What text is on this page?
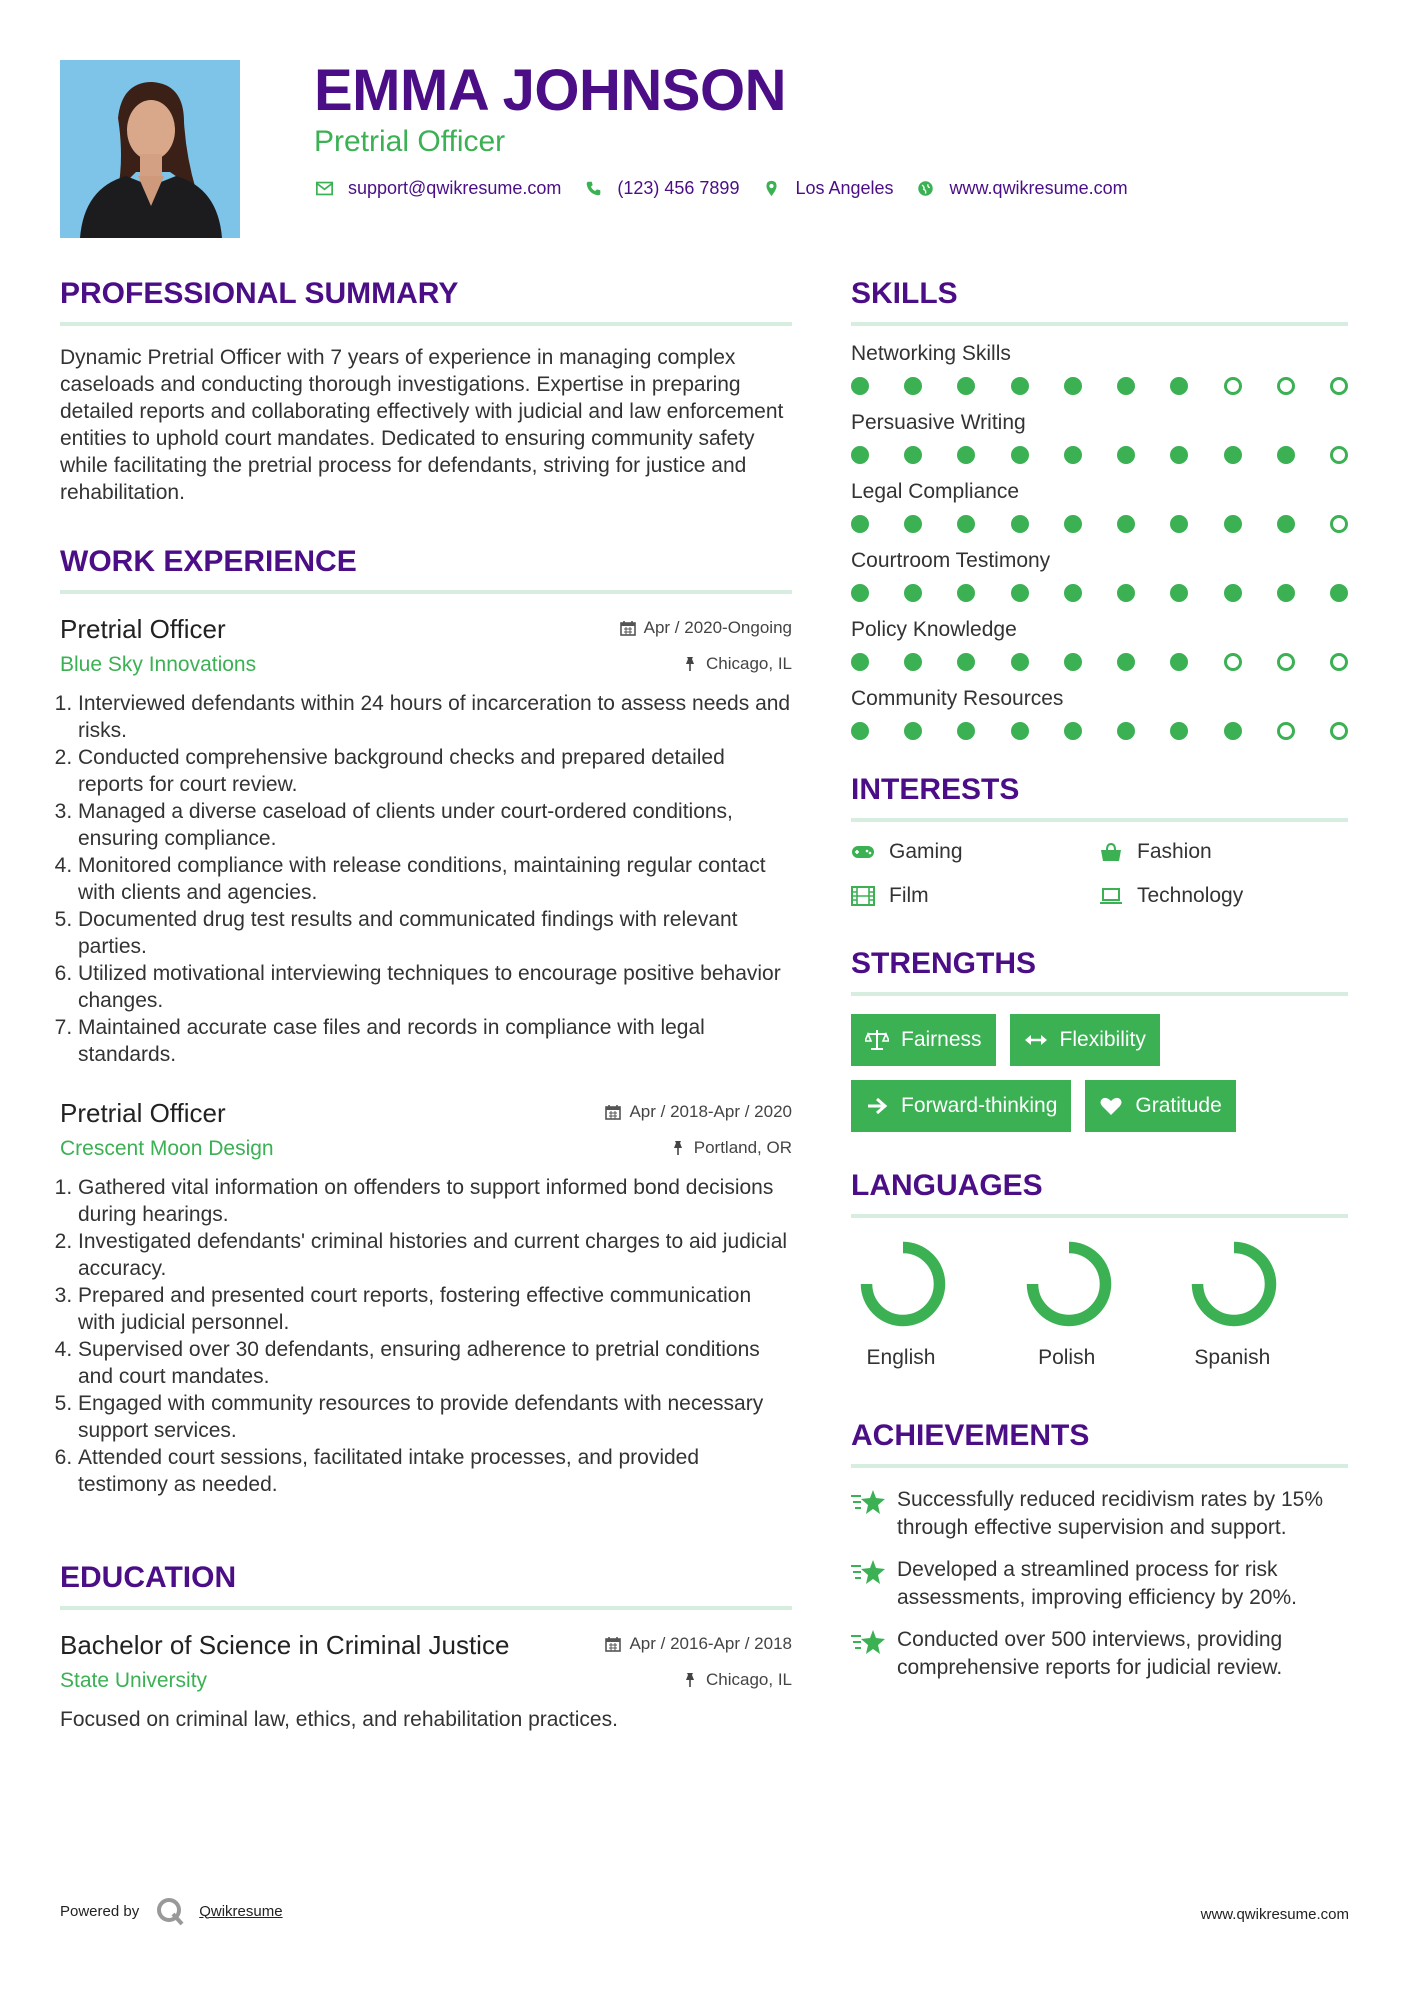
EMMA JOHNSON
Pretrial Officer
support@qwikresume.com	(123) 456 7899	Los Angeles	www.qwikresume.com
PROFESSIONAL SUMMARY

Dynamic Pretrial Officer with 7 years of experience in managing complex caseloads and conducting thorough investigations. Expertise in preparing detailed reports and collaborating effectively with judicial and law enforcement entities to uphold court mandates. Dedicated to ensuring community safety while facilitating the pretrial process for defendants, striving for justice and rehabilitation.

WORK EXPERIENCE
Pretrial Officer
Blue Sky Innovations
Apr / 2020-Ongoing
Chicago, IL
1. Interviewed defendants within 24 hours of incarceration to assess needs and risks.
2. Conducted comprehensive background checks and prepared detailed reports for court review.
3. Managed a diverse caseload of clients under court-ordered conditions, ensuring compliance.
4. Monitored compliance with release conditions, maintaining regular contact with clients and agencies.
5. Documented drug test results and communicated findings with relevant parties.
6. Utilized motivational interviewing techniques to encourage positive behavior changes.
7. Maintained accurate case files and records in compliance with legal standards.
Pretrial Officer
Crescent Moon Design
Apr / 2018-Apr / 2020
Portland, OR
1. Gathered vital information on offenders to support informed bond decisions during hearings.
2. Investigated defendants' criminal histories and current charges to aid judicial accuracy.
3. Prepared and presented court reports, fostering effective communication with judicial personnel.
4. Supervised over 30 defendants, ensuring adherence to pretrial conditions and court mandates.
5. Engaged with community resources to provide defendants with necessary support services.
6. Attended court sessions, facilitated intake processes, and provided testimony as needed.
EDUCATION
Bachelor of Science in Criminal Justice
State University
Apr / 2016-Apr / 2018
Chicago, IL
Focused on criminal law, ethics, and rehabilitation practices.
SKILLS
Networking Skills
Persuasive Writing
Legal Compliance
Courtroom Testimony
Policy Knowledge
Community Resources
INTERESTS
Gaming	Fashion
Film	Technology
STRENGTHS
Fairness	Flexibility
Forward-thinking	Gratitude
LANGUAGES
English	Polish	Spanish
ACHIEVEMENTS
Successfully reduced recidivism rates by 15% through effective supervision and support.
Developed a streamlined process for risk assessments, improving efficiency by 20%.
Conducted over 500 interviews, providing comprehensive reports for judicial review.
Powered by	Qwikresume	www.qwikresume.com
